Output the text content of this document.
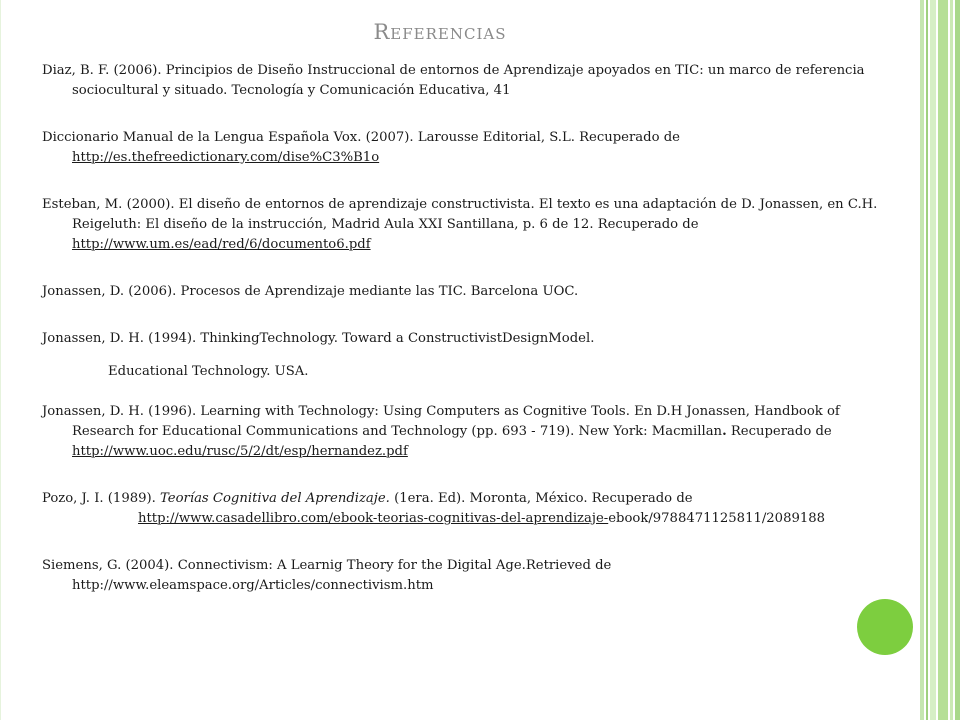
Referencias

Diaz, B. F. (2006). Principios de Diseño Instruccional de entornos de Aprendizaje apoyados en TIC: un marco de referencia sociocultural y situado. Tecnología y Comunicación Educativa, 41

Diccionario Manual de la Lengua Española Vox. (2007). Larousse Editorial, S.L. Recuperado de http://es.thefreedictionary.com/dise%C3%B1o

Esteban, M. (2000). El diseño de entornos de aprendizaje constructivista. El texto es una adaptación de D. Jonassen, en C.H. Reigeluth: El diseño de la instrucción, Madrid Aula XXI Santillana, p. 6 de 12. Recuperado de http://www.um.es/ead/red/6/documento6.pdf

Jonassen, D. (2006). Procesos de Aprendizaje mediante las TIC. Barcelona UOC.

Jonassen, D. H. (1994). ThinkingTechnology. Toward a ConstructivistDesignModel.

Educational Technology. USA.

Jonassen, D. H. (1996). Learning with Technology: Using Computers as Cognitive Tools. En D.H Jonassen, Handbook of Research for Educational Communications and Technology (pp. 693 - 719). New York: Macmillan. Recuperado de http://www.uoc.edu/rusc/5/2/dt/esp/hernandez.pdf

Pozo, J. I. (1989). Teorías Cognitiva del Aprendizaje. (1era. Ed). Moronta, México. Recuperado de
http://www.casadellibro.com/ebook-teorias-cognitivas-del-aprendizaje-ebook/9788471125811/2089188

Siemens, G. (2004). Connectivism: A Learnig Theory for the Digital Age.Retrieved de http://www.eleamspace.org/Articles/connectivism.htm
